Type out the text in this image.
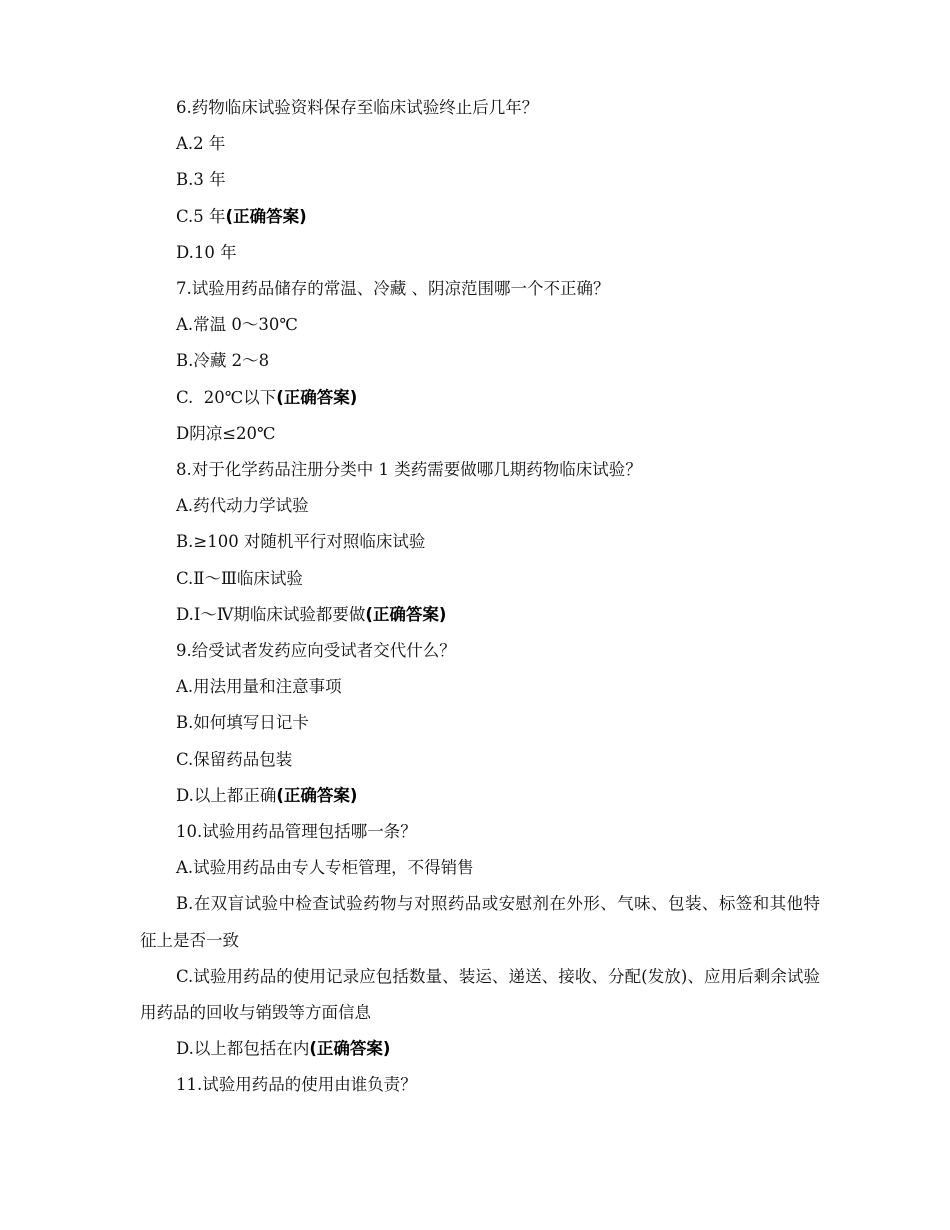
6.药物临床试验资料保存至临床试验终止后几年？
A.2 年
B.3 年
C.5 年(正确答案)
D.10 年
7.试验用药品储存的常温、冷藏 、阴凉范围哪一个不正确？
A.常温 0～30℃
B.冷藏 2～8
C.  20℃以下(正确答案)
D阴凉≤20℃
8.对于化学药品注册分类中 1 类药需要做哪几期药物临床试验？
A.药代动力学试验
B.≥100 对随机平行对照临床试验
C.Ⅱ～Ⅲ临床试验
D.Ⅰ～Ⅳ期临床试验都要做(正确答案)
9.给受试者发药应向受试者交代什么？
A.用法用量和注意事项
B.如何填写日记卡
C.保留药品包装
D.以上都正确(正确答案)
10.试验用药品管理包括哪一条？
A.试验用药品由专人专柜管理，不得销售
B.在双盲试验中检查试验药物与对照药品或安慰剂在外形、气味、包装、标签和其他特征上是否一致
C.试验用药品的使用记录应包括数量、装运、递送、接收、分配(发放)、应用后剩余试验用药品的回收与销毁等方面信息
D.以上都包括在内(正确答案)
11.试验用药品的使用由谁负责？
